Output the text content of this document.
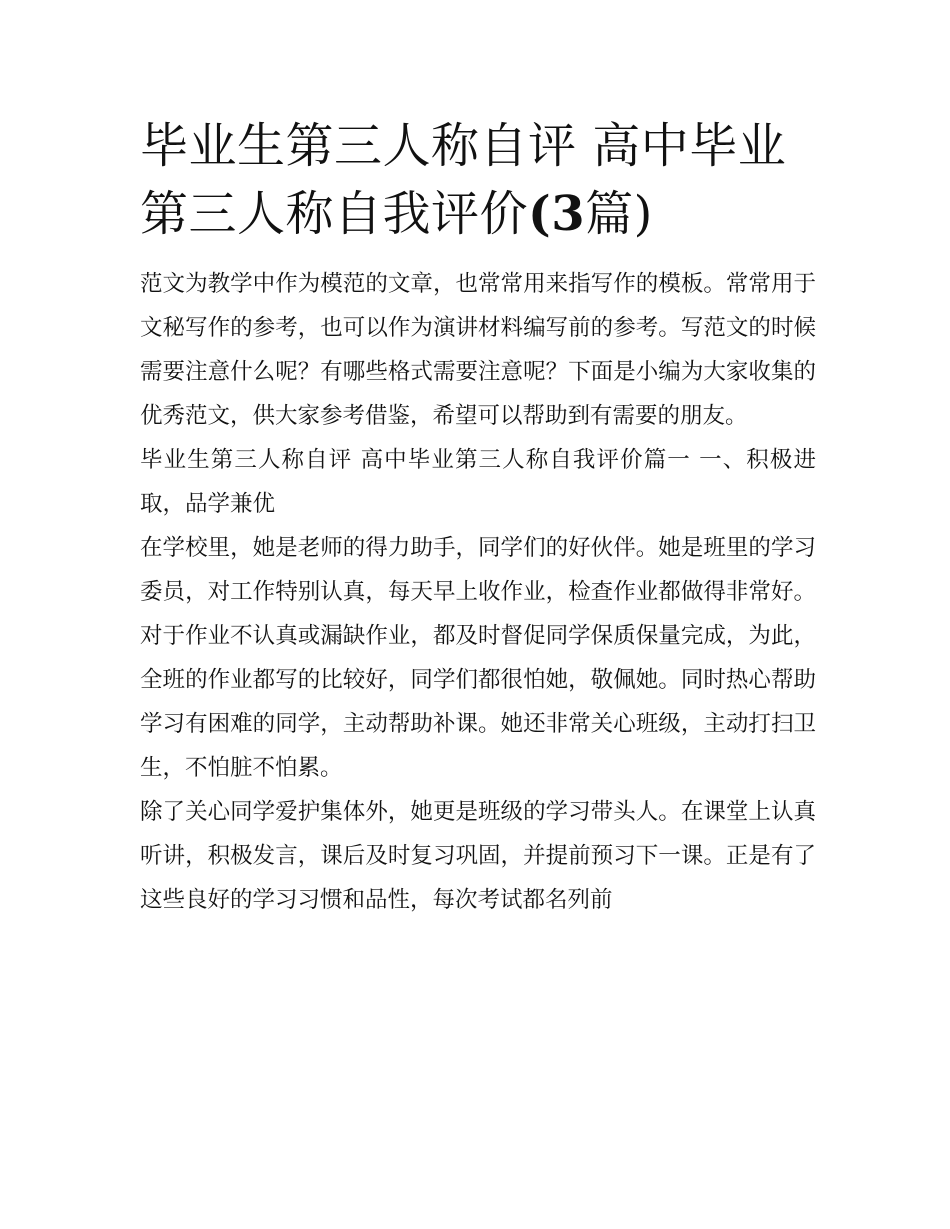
毕业生第三人称自评 高中毕业第三人称自我评价(3篇)

范文为教学中作为模范的文章，也常常用来指写作的模板。常常用于文秘写作的参考，也可以作为演讲材料编写前的参考。写范文的时候需要注意什么呢？有哪些格式需要注意呢？下面是小编为大家收集的优秀范文，供大家参考借鉴，希望可以帮助到有需要的朋友。

毕业生第三人称自评 高中毕业第三人称自我评价篇一 一、积极进取，品学兼优

在学校里，她是老师的得力助手，同学们的好伙伴。她是班里的学习委员，对工作特别认真，每天早上收作业，检查作业都做得非常好。对于作业不认真或漏缺作业，都及时督促同学保质保量完成，为此，全班的作业都写的比较好，同学们都很怕她，敬佩她。同时热心帮助学习有困难的同学，主动帮助补课。她还非常关心班级，主动打扫卫生，不怕脏不怕累。

除了关心同学爱护集体外，她更是班级的学习带头人。在课堂上认真听讲，积极发言，课后及时复习巩固，并提前预习下一课。正是有了这些良好的学习习惯和品性，每次考试都名列前
